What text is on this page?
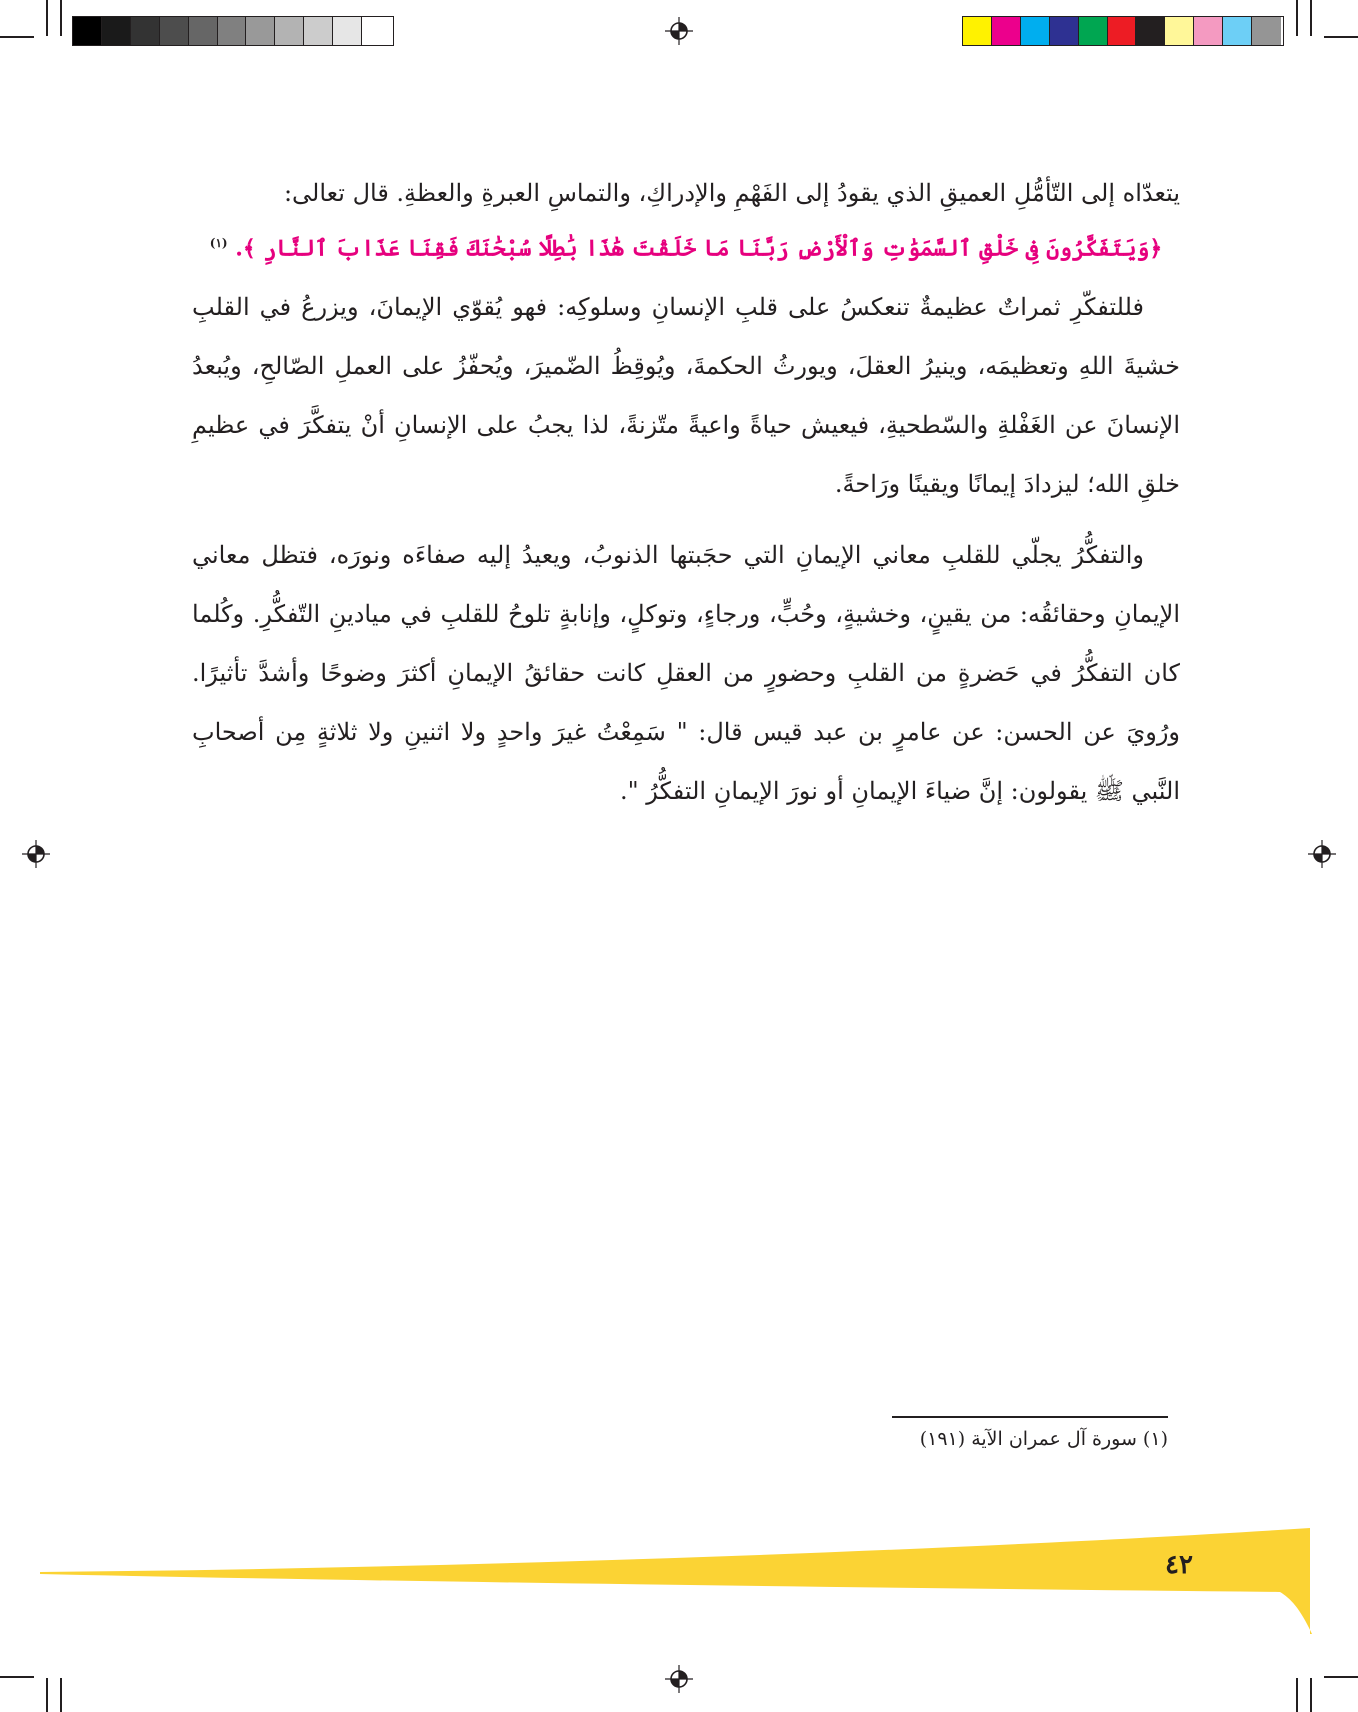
يتعدّاه إلى التّأمُّلِ العميقِ الذي يقودُ إلى الفَهْمِ والإدراكِ، والتماسِ العبرةِ والعظةِ. قال تعالى:

﴿وَيَتَفَكَّرُونَ فِى خَلْقِ ٱلسَّمَوَٰتِ وَٱلْأَرْضِ رَبَّنَا مَا خَلَقْتَ هَٰذَا بَٰطِلًا سُبْحَٰنَكَ فَقِنَا عَذَابَ ٱلنَّارِ ﴾. $^{(١)}$

فللتفكّرِ ثمراتٌ عظيمةٌ تنعكسُ على قلبِ الإنسانِ وسلوكِه: فهو يُقوّي الإيمانَ، ويزرعُ في القلبِ خشيةَ اللهِ وتعظيمَه، وينيرُ العقلَ، ويورثُ الحكمةَ، ويُوقِظُ الضّميرَ، ويُحفّزُ على العملِ الصّالحِ، ويُبعدُ الإنسانَ عن الغَفْلةِ والسّطحيةِ، فيعيش حياةً واعيةً متّزنةً، لذا يجبُ على الإنسانِ أنْ يتفكَّرَ في عظيمِ خلقِ الله؛ ليزدادَ إيمانًا ويقينًا ورَاحةً.

والتفكُّرُ يجلّي للقلبِ معاني الإيمانِ التي حجَبتها الذنوبُ، ويعيدُ إليه صفاءَه ونورَه، فتظل معاني الإيمانِ وحقائقُه: من يقينٍ، وخشيةٍ، وحُبٍّ، ورجاءٍ، وتوكلٍ، وإنابةٍ تلوحُ للقلبِ في ميادينِ التّفكُّرِ. وكُلما كان التفكُّرُ في حَضرةٍ من القلبِ وحضورٍ من العقلِ كانت حقائقُ الإيمانِ أكثرَ وضوحًا وأشدَّ تأثيرًا. ورُويَ عن الحسن: عن عامرٍ بن عبد قيس قال: " سَمِعْتُ غيرَ واحدٍ ولا اثنينِ ولا ثلاثةٍ مِن أصحابِ النَّبي ﷺ يقولون: إنَّ ضياءَ الإيمانِ أو نورَ الإيمانِ التفكُّرُ ".

(١) سورة آل عمران الآية (١٩١)
٤٢
